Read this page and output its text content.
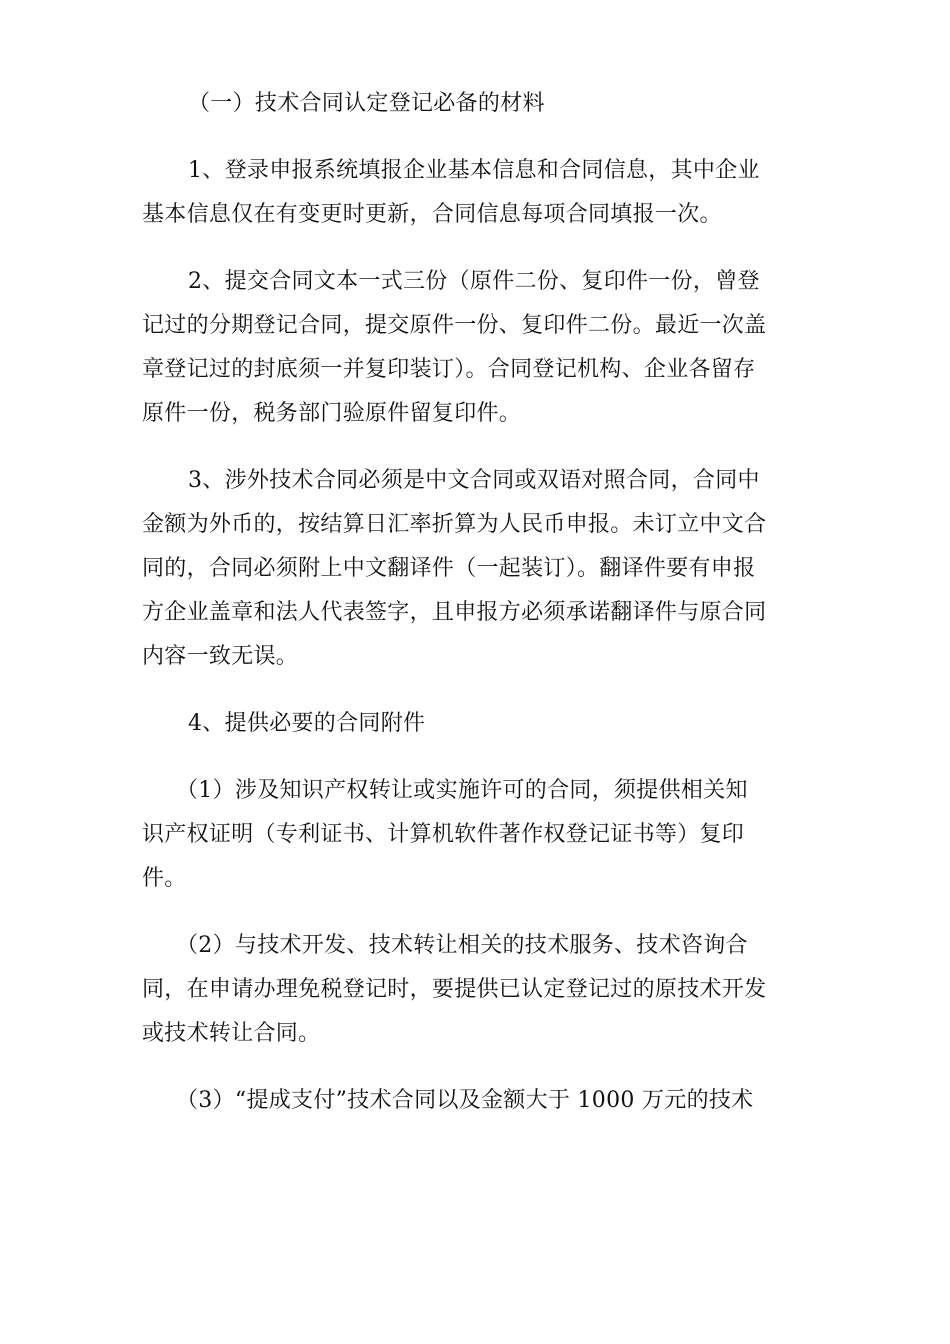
（一）技术合同认定登记必备的材料

1、登录申报系统填报企业基本信息和合同信息，其中企业
基本信息仅在有变更时更新，合同信息每项合同填报一次。

2、提交合同文本一式三份（原件二份、复印件一份，曾登
记过的分期登记合同，提交原件一份、复印件二份。最近一次盖
章登记过的封底须一并复印装订）。合同登记机构、企业各留存
原件一份，税务部门验原件留复印件。

3、涉外技术合同必须是中文合同或双语对照合同，合同中
金额为外币的，按结算日汇率折算为人民币申报。未订立中文合
同的，合同必须附上中文翻译件（一起装订）。翻译件要有申报
方企业盖章和法人代表签字，且申报方必须承诺翻译件与原合同
内容一致无误。

4、提供必要的合同附件

（1）涉及知识产权转让或实施许可的合同，须提供相关知
识产权证明（专利证书、计算机软件著作权登记证书等）复印
件。

（2）与技术开发、技术转让相关的技术服务、技术咨询合
同，在申请办理免税登记时，要提供已认定登记过的原技术开发
或技术转让合同。

（3）“提成支付”技术合同以及金额大于 1000 万元的技术
